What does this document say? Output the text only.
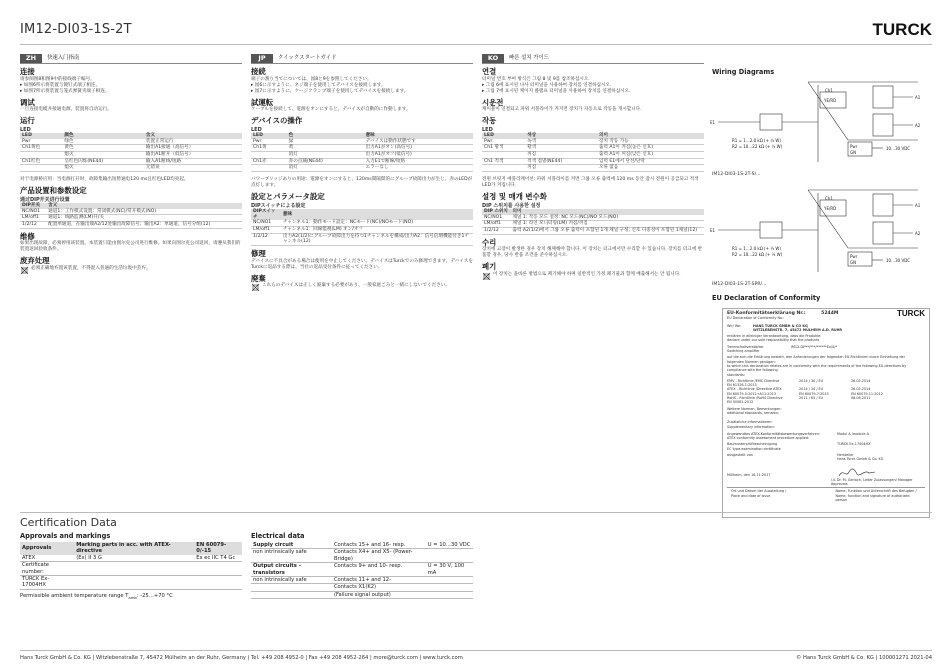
IM12-DI03-1S-2T	TURCK
ZH	快速入门指南
连接

请参阅图8和图9中的接线端子编号。

▸ 如图6所示将装置与镀钉式端子相连。

▸ 如图7所示将装置与笼式弹簧夹端子相连。

调试

一旦连接电缆并接通电源，装置将自动运行。

运行
LED
LED	颜色	含义
Pwr	绿色	装置正常运行
Ch1黄色	黄色	输出A1接通（高信号）
	熄灭	输出A1断开（低信号）
Ch1红色	呈红色闪烁(NE44)	输入A1断线/短路
	熄灭	无错误

对于电源桥应用：当电源打开时，故障集输出短暂通电120 ms且红色LED均亮起。

产品设置和参数设定
通过DIP开关进行设置
DIP开关	含义
NC/NO1	通道1：工作模式设置：常闭模式(NC)/常开模式(NO)
LM/off1	通道1：线路监测(LM)开/关
1/2/12	配置单通道，在输出端A2/12处输出故障信号；输出A2：单通道，信号分组(12)
维修

如果出现故障，必须停用该装置。本装置只能由图尔克公司进行维修。如果向图尔克公司返回，请遵从我们的装置返回验收条件。

废弃处理

必须正确地弃置该装置，不得混入普通的生活垃圾中丢弃。

JP	クイックスタートガイド
接続

端子の割り当てについては、図8と9を参照してください。

▸ 図6に示すように、ネジ端子を使用してデバイスを接続します。

▸ 図7に示すように、ケージクランプ端子を使用してデバイスを接続します。

試運転

ケーブルを接続して、電源をオンにすると、デバイスが自動的に作動します。

デバイスの操作
LED
LED	色	意味
Pwr	緑	デバイスは動作状態です
Ch1黄	黄	出力A1がオン(高信号)
	消灯	出力A1がオフ(低信号)
Ch1赤	赤の点滅(NE44)	入力E1で断線/短絡
	消灯	エラーなし

パワーブリッジありの用途：電源をオンにすると、120ms間隔間的にグループ故障出力が生じ、赤のLEDが点灯します。

設定とパラメータ設定
DIPスイッチによる設定
DIPスイッチ	意味
NC/NO1	チャンネル1：動作モード設定：NCモード(NC)/NOモード(NO)
LM/off1	チャンネル1：回線監視(LM) オン/オフ
1/2/12	出力A2(1/2)にグループ故障出力を持つ1チャンネルを構成/出力A2：信号倍増機能付き1チャンネル(12)
修理

デバイスに不具合がある場合は使用を中止してください。デバイスはTurckでのみ修理できます。デバイスをTurckに返品する際は、当社の返品受付条件に従ってください。

廃棄

これらのデバイスは正しく廃棄する必要があり、一般家庭ごみと一緒にしないでください。

KO	빠른 설치 가이드
연결

터미널 번호 부여 방식은 그림 8 및 9를 참조하십시오.

▸ 그림 6에 표시된 나사 터미널을 사용하여 장치를 연결하십시오.

▸ 그림 7에 표시된 케이지 클램프 터미널을 사용하여 장치를 연결하십시오.

시운전

케이블이 연결되고 파워 서플라이가 켜지면 장치가 자동으로 작동을 개시합니다.

작동
LED
LED	색상	의미
Pwr	녹색	장치 작동 가능
Ch1 황색	황색	출력 A1이 켜짐(높은 신호)
	꺼짐	출력 A1이 꺼짐(낮은 신호)
Ch1 적색	적색 점멸(NE44)	입력 E1에서 단선/단락
	꺼짐	오류 없음

전원 브릿지 애플리케이션: 파워 서플라이를 켜면 그룹 오류 출력에 120 ms 동안 잠시 전원이 공급되고 적색 LED가 켜집니다.

설정 및 매개 변수화
DIP 스위치를 사용한 설정
DIP 스위치	의미
NC/NO1	채널 1: 작동 모드 설정: NC 모드(NC)/NO 모드(NO)
LM/off1	채널 1: 라인 모니터링(LM) 켜짐/꺼짐
1/2/12	출력 A2(1/2)에서 그룹 오류 출력이 포함된 1개 채널 구성; 신호 다중성이 포함된 1채널(12)
수리

장치에 고장이 발생한 경우 장치 해체해야 합니다. 이 장치는 터크에서만 수리할 수 있습니다. 장치를 터크에 반품할 경우, 당사 반품 조건을 준수하십시오.

폐기

이 장치는 올바른 방법으로 폐기해야 하며 일반적인 가정 폐기물과 함께 배출해서는 안 됩니다.

Wiring Diagrams
YE/RD
Ch1
A1
A2
E1
Pwr
GN
10…30 VDC
R1 = 1…2.0 kΩ (+ ¼ W)
R2 = 10…22 kΩ (+ ¼ W)
IM12-DI03-1S-2T-S/...
YE/RD
Ch1
A1
A2
E1
Pwr
GN	10…30 VDC
R1 = 1…2.0 kΩ (+ ¼ W)
R2 = 10…22 kΩ (+ ¼ W)
IM12-DI03-1S-2T-SPR/...
EU Declaration of Conformity
EU-Konformitätserklärung Nr.:	5244M
EU Declaration of Conformity No.:
TURCK
Wir/ We:	HANS TURCK GMBH & CO KG
WITZLEBENSTR. 7, 45472 MÜLHEIM A.D. RUHR
erklären in alleiniger Verantwortung, dass die Produkte
declare under our sole responsibility that the products
Trennschaltverstärker
Switching amplifier
IM12-DI***/***/******Ex/0/*
auf die sich die Erklärung bezieht, den Anforderungen der folgenden EU-Richtlinien durch Einhaltung der
folgenden Normen genügen:
to which this declaration relates are in conformity with the requirements of the following EU-directives by compliance with the following
standards:
EMV - Richtlinie /EMC Directive	2014 / 30 / EU	26.02.2014
EN 61326-1:2013
ATEX - Richtlinie /Directive ATEX	2014 / 34 / EU	26.02.2014
EN 60079-0:2012+A11:2013	EN 60079-7:2015	EN 60079-11:2012
RoHS - Richtlinie /RoHS Directive	2011 / 65 / EU	08.06.2011
EN 50581:2012
Weitere Normen, Bemerkungen:
additional standards, remarks:
Zusätzliche Informationen:
Supplementary information:
Angewandtes ATEX-Konformitätsbewertungsverfahren:
ATEX conformity assessment procedure applied:
Modul A /module A
Baumusterprüfbescheinigung
EC type-examination certificate
TURCK Ex-17004HX
ausgestellt von	Hersteller
Hans Turck GmbH & Co. KG
Mülheim, den 16.11.2017
i.V. Dr. M. Gerlach, Leiter Zulassungen/ Manager Approvals
Ort und Datum der Ausstellung /
Place and date of issue
Name, Funktion und Unterschrift des Befugten /
Name, function and signature of authorized person
Certification Data
Approvals and markings
Approvals	Marking parts in acc. with ATEX-directive	EN 60079-0/-15
ATEX	⟨Ex⟩ II 3 G	Ex ec IIC T4 Gc
Certificate number:		
TURCK Ex-17004HX		
Permissible ambient temperature range $T_{amb}$: -25…+70 °C
Electrical data
Supply circuit	Contacts 15+ and 16- resp.	U = 10…30 VDC
non intrinsically safe	Contacts X4+ and X5- (Power-Bridge)	
Output circuits – transistors	Contacts 9+ and 10- resp.	U = 30 V, 100 mA
non intrinsically safe	Contacts 11+ and 12-	
	Contacts X1(K2)	
	(Failure signal output)	
Hans Turck GmbH & Co. KG | Witzlebenstraße 7, 45472 Mülheim an der Ruhr, Germany | Tel. +49 208 4952-0 | Fax +49 208 4952-264 | more@turck.com | www.turck.com	© Hans Turck GmbH & Co. KG | 100001271 2021-04
